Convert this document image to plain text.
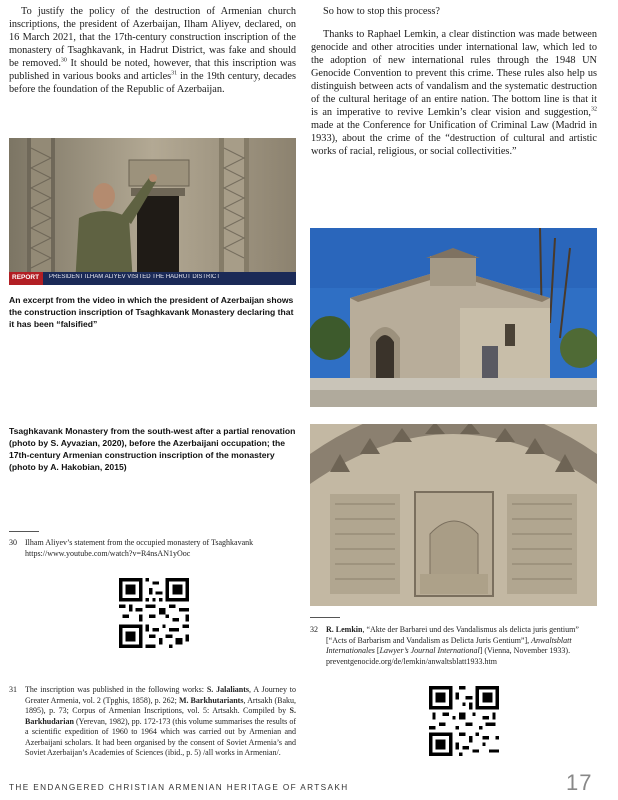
To justify the policy of the destruction of Armenian church inscriptions, the president of Azerbaijan, Ilham Aliyev, declared, on 16 March 2021, that the 17th-century construction inscription of the monastery of Tsaghkavank, in Hadrut District, was fake and should be removed.$^{30}$ It should be noted, however, that this inscription was published in various books and articles$^{31}$ in the 19th century, decades before the foundation of the Republic of Azerbaijan.

So how to stop this process?

Thanks to Raphael Lemkin, a clear distinction was made between genocide and other atrocities under international law, which led to the adoption of new international rules through the 1948 UN Genocide Convention to prevent this crime. These rules also help us distinguish between acts of vandalism and the systematic destruction of the cultural heritage of an entire nation. The bottom line is that it is an imperative to revive Lemkin’s clear vision and suggestion,$^{32}$ made at the Conference for Unification of Criminal Law (Madrid in 1933), about the crime of the “destruction of cultural and artistic works of racial, religious, or social collectivities.”

REPORT PRESIDENT ILHAM ALIYEV VISITED THE HADRUT DISTRICT
An excerpt from the video in which the president of Azerbaijan shows the construction inscription of Tsaghkavank Monastery declaring that it has been “falsified”
Tsaghkavank Monastery from the south-west after a partial renovation (photo by S. Ayvazian, 2020), before the Azerbaijani occupation; the 17th-century Armenian construction inscription of the monastery (photo by A. Hakobian, 2015)
30 Ilham Aliyev’s statement from the occupied monastery of Tsaghkavank
https://www.youtube.com/watch?v=R4nsAN1yOoc
32 R. Lemkin, “Akte der Barbarei und des Vandalismus als delicta juris gentium” [“Acts of Barbarism and Vandalism as Delicta Juris Gentium”], Anwaltsblatt Internationales [Lawyer’s Journal International] (Vienna, November 1933).
preventgenocide.org/de/lemkin/anwaltsblatt1933.htm
31 The inscription was published in the following works: S. Jalaliants, A Journey to Greater Armenia, vol. 2 (Tpghis, 1858), p. 262; M. Barkhutariants, Artsakh (Baku, 1895), p. 73; Corpus of Armenian Inscriptions, vol. 5: Artsakh. Compiled by S. Barkhudarian (Yerevan, 1982), pp. 172-173 (this volume summarises the results of a scientific expedition of 1960 to 1964 which was carried out by Armenian and Azerbaijani scholars. It had been organised by the consent of Soviet Armenia’s and Soviet Azerbaijan’s Academies of Sciences (ibid., p. 5) /all works in Armenian/.
THE ENDANGERED CHRISTIAN ARMENIAN HERITAGE OF ARTSAKH	17
